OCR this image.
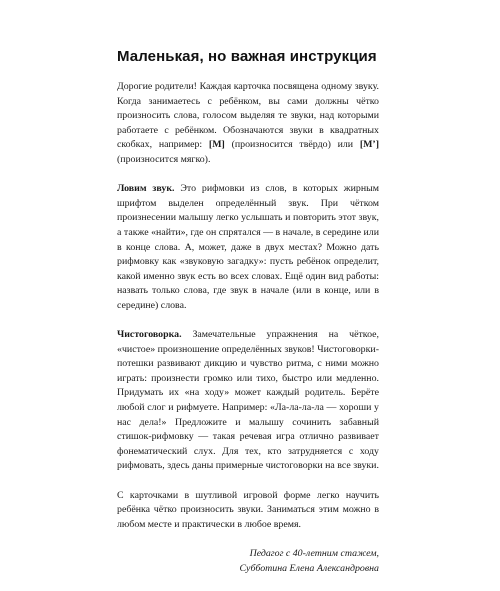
Маленькая, но важная инструкция

Дорогие родители! Каждая карточка посвящена одному звуку. Когда занимаетесь с ребёнком, вы сами должны чётко произносить слова, голосом выделяя те звуки, над которыми работаете с ребёнком. Обозначаются звуки в квадратных скобках, например: [М] (произносится твёрдо) или [М’] (произносится мягко).

Ловим звук. Это рифмовки из слов, в которых жирным шрифтом выделен определённый звук. При чётком произнесении малышу легко услышать и повторить этот звук, а также «найти», где он спрятался — в начале, в середине или в конце слова. А, может, даже в двух местах? Можно дать рифмовку как «звуковую загадку»: пусть ребёнок определит, какой именно звук есть во всех словах. Ещё один вид работы: назвать только слова, где звук в начале (или в конце, или в середине) слова.

Чистоговорка. Замечательные упражнения на чёткое, «чистое» произношение определённых звуков! Чистоговорки-потешки развивают дикцию и чувство ритма, с ними можно играть: произнести громко или тихо, быстро или медленно. Придумать их «на ходу» может каждый родитель. Берёте любой слог и рифмуете. Например: «Ла-ла-ла-ла — хороши у нас дела!» Предложите и малышу сочинить забавный стишок-рифмовку — такая речевая игра отлично развивает фонематический слух. Для тех, кто затрудняется с ходу рифмовать, здесь даны примерные чистоговорки на все звуки.

С карточками в шутливой игровой форме легко научить ребёнка чётко произносить звуки. Заниматься этим можно в любом месте и практически в любое время.

Педагог с 40-летним стажем,
Субботина Елена Александровна
